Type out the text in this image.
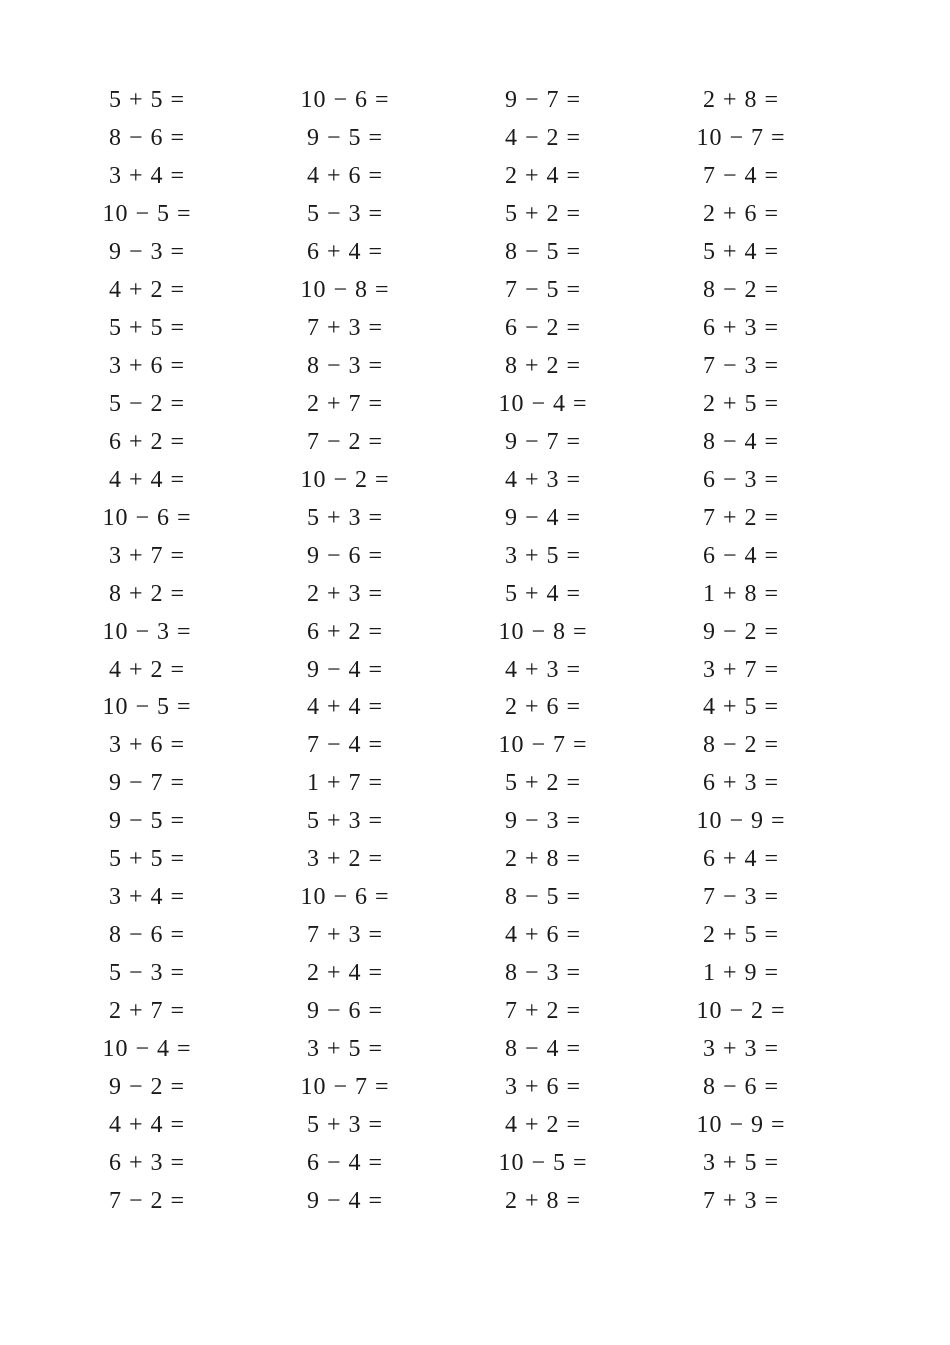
5 + 5 =	10 − 6 =	9 − 7 =	2 + 8 =
8 − 6 =	9 − 5 =	4 − 2 =	10 − 7 =
3 + 4 =	4 + 6 =	2 + 4 =	7 − 4 =
10 − 5 =	5 − 3 =	5 + 2 =	2 + 6 =
9 − 3 =	6 + 4 =	8 − 5 =	5 + 4 =
4 + 2 =	10 − 8 =	7 − 5 =	8 − 2 =
5 + 5 =	7 + 3 =	6 − 2 =	6 + 3 =
3 + 6 =	8 − 3 =	8 + 2 =	7 − 3 =
5 − 2 =	2 + 7 =	10 − 4 =	2 + 5 =
6 + 2 =	7 − 2 =	9 − 7 =	8 − 4 =
4 + 4 =	10 − 2 =	4 + 3 =	6 − 3 =
10 − 6 =	5 + 3 =	9 − 4 =	7 + 2 =
3 + 7 =	9 − 6 =	3 + 5 =	6 − 4 =
8 + 2 =	2 + 3 =	5 + 4 =	1 + 8 =
10 − 3 =	6 + 2 =	10 − 8 =	9 − 2 =
4 + 2 =	9 − 4 =	4 + 3 =	3 + 7 =
10 − 5 =	4 + 4 =	2 + 6 =	4 + 5 =
3 + 6 =	7 − 4 =	10 − 7 =	8 − 2 =
9 − 7 =	1 + 7 =	5 + 2 =	6 + 3 =
9 − 5 =	5 + 3 =	9 − 3 =	10 − 9 =
5 + 5 =	3 + 2 =	2 + 8 =	6 + 4 =
3 + 4 =	10 − 6 =	8 − 5 =	7 − 3 =
8 − 6 =	7 + 3 =	4 + 6 =	2 + 5 =
5 − 3 =	2 + 4 =	8 − 3 =	1 + 9 =
2 + 7 =	9 − 6 =	7 + 2 =	10 − 2 =
10 − 4 =	3 + 5 =	8 − 4 =	3 + 3 =
9 − 2 =	10 − 7 =	3 + 6 =	8 − 6 =
4 + 4 =	5 + 3 =	4 + 2 =	10 − 9 =
6 + 3 =	6 − 4 =	10 − 5 =	3 + 5 =
7 − 2 =	9 − 4 =	2 + 8 =	7 + 3 =
